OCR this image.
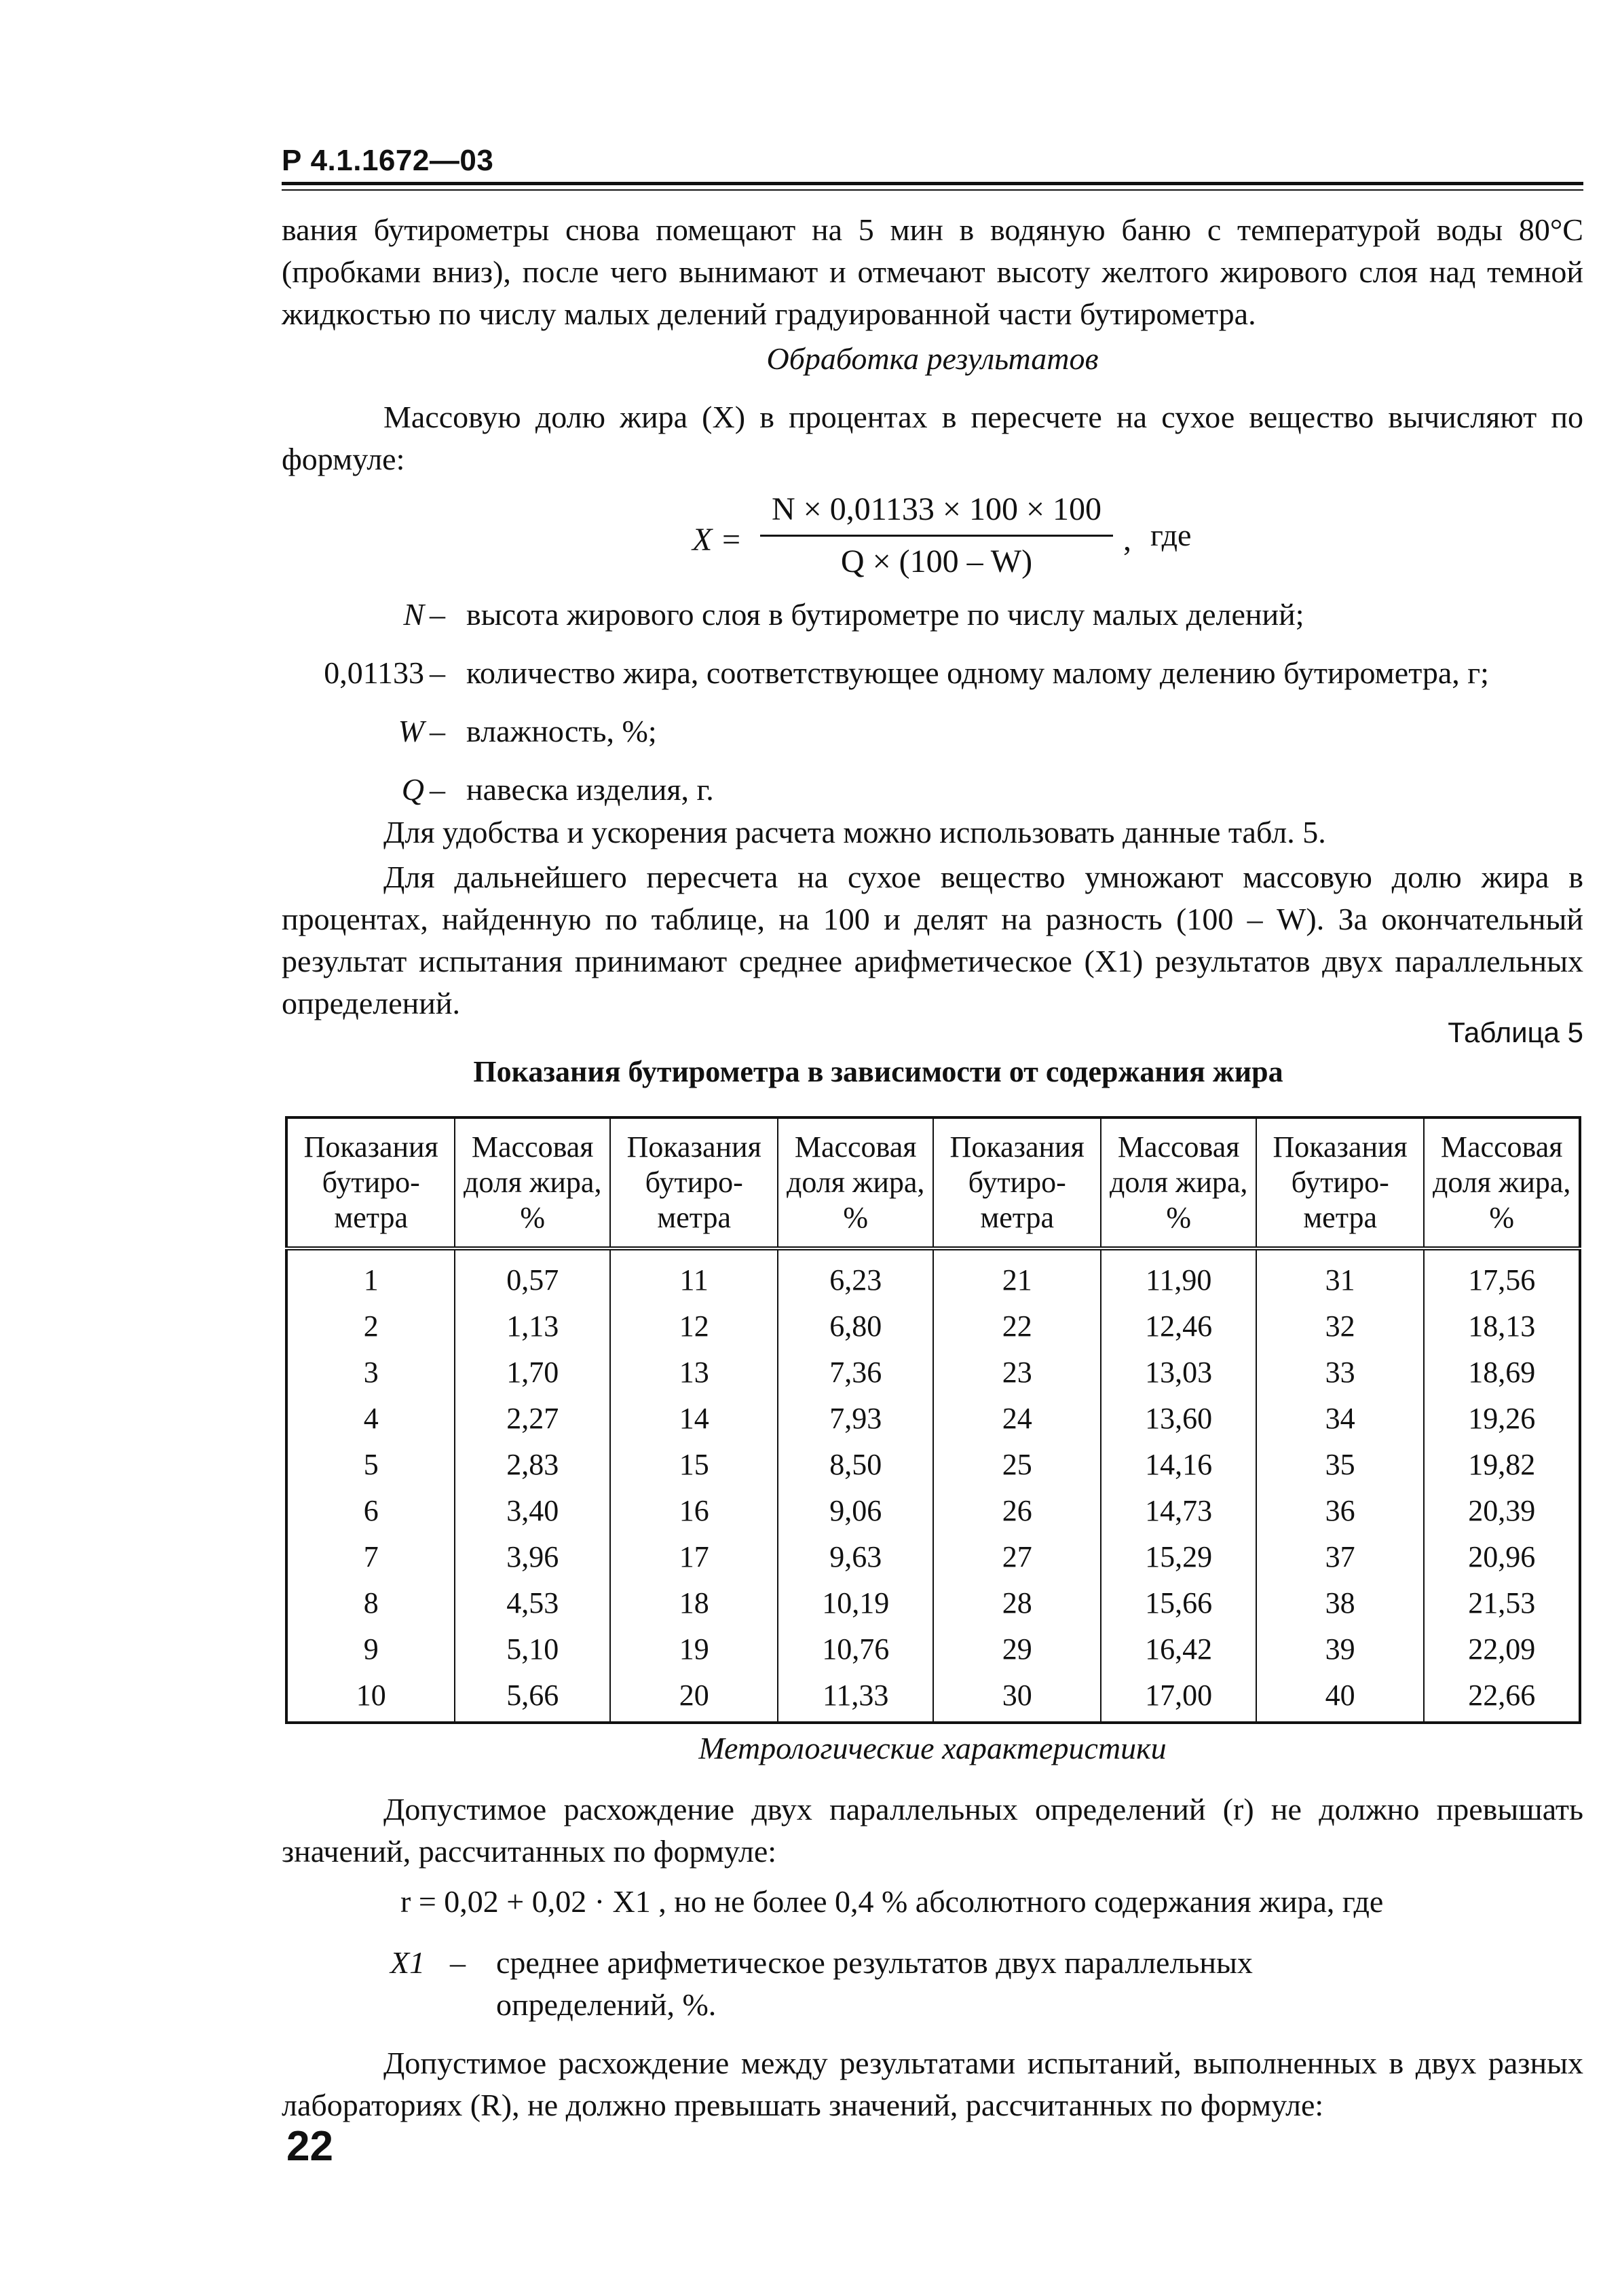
Р 4.1.1672—03
вания бутирометры снова помещают на 5 мин в водяную баню с температурой воды 80°С (пробками вниз), после чего вынимают и отмечают высоту желтого жирового слоя над темной жидкостью по числу малых делений градуированной части бутирометра.
Обработка результатов
Массовую долю жира (X) в процентах в пересчете на сухое вещество вычисляют по формуле:
X =
N × 0,01133 × 100 × 100
Q × (100 – W)
, где
N – высота жирового слоя в бутирометре по числу малых делений;
0,01133 – количество жира, соответствующее одному малому делению бутирометра, г;
W – влажность, %;
Q – навеска изделия, г.
Для удобства и ускорения расчета можно использовать данные табл. 5.
Для дальнейшего пересчета на сухое вещество умножают массовую долю жира в процентах, найденную по таблице, на 100 и делят на разность (100 – W). За окончательный результат испытания принимают среднее арифметическое (X1) результатов двух параллельных определений.
Таблица 5
Показания бутирометра в зависимости от содержания жира
Показания бутиро-метра	Массовая доля жира, %	Показания бутиро-метра	Массовая доля жира, %	Показания бутиро-метра	Массовая доля жира, %	Показания бутиро-метра	Массовая доля жира, %
1	0,57	11	6,23	21	11,90	31	17,56
2	1,13	12	6,80	22	12,46	32	18,13
3	1,70	13	7,36	23	13,03	33	18,69
4	2,27	14	7,93	24	13,60	34	19,26
5	2,83	15	8,50	25	14,16	35	19,82
6	3,40	16	9,06	26	14,73	36	20,39
7	3,96	17	9,63	27	15,29	37	20,96
8	4,53	18	10,19	28	15,66	38	21,53
9	5,10	19	10,76	29	16,42	39	22,09
10	5,66	20	11,33	30	17,00	40	22,66
Метрологические характеристики
Допустимое расхождение двух параллельных определений (r) не должно превышать значений, рассчитанных по формуле:
r = 0,02 + 0,02 · X1 , но не более 0,4 % абсолютного содержания жира, где
X1 – среднее арифметическое результатов двух параллельных
определений, %.
Допустимое расхождение между результатами испытаний, выполненных в двух разных лабораториях (R), не должно превышать значений, рассчитанных по формуле:
22
